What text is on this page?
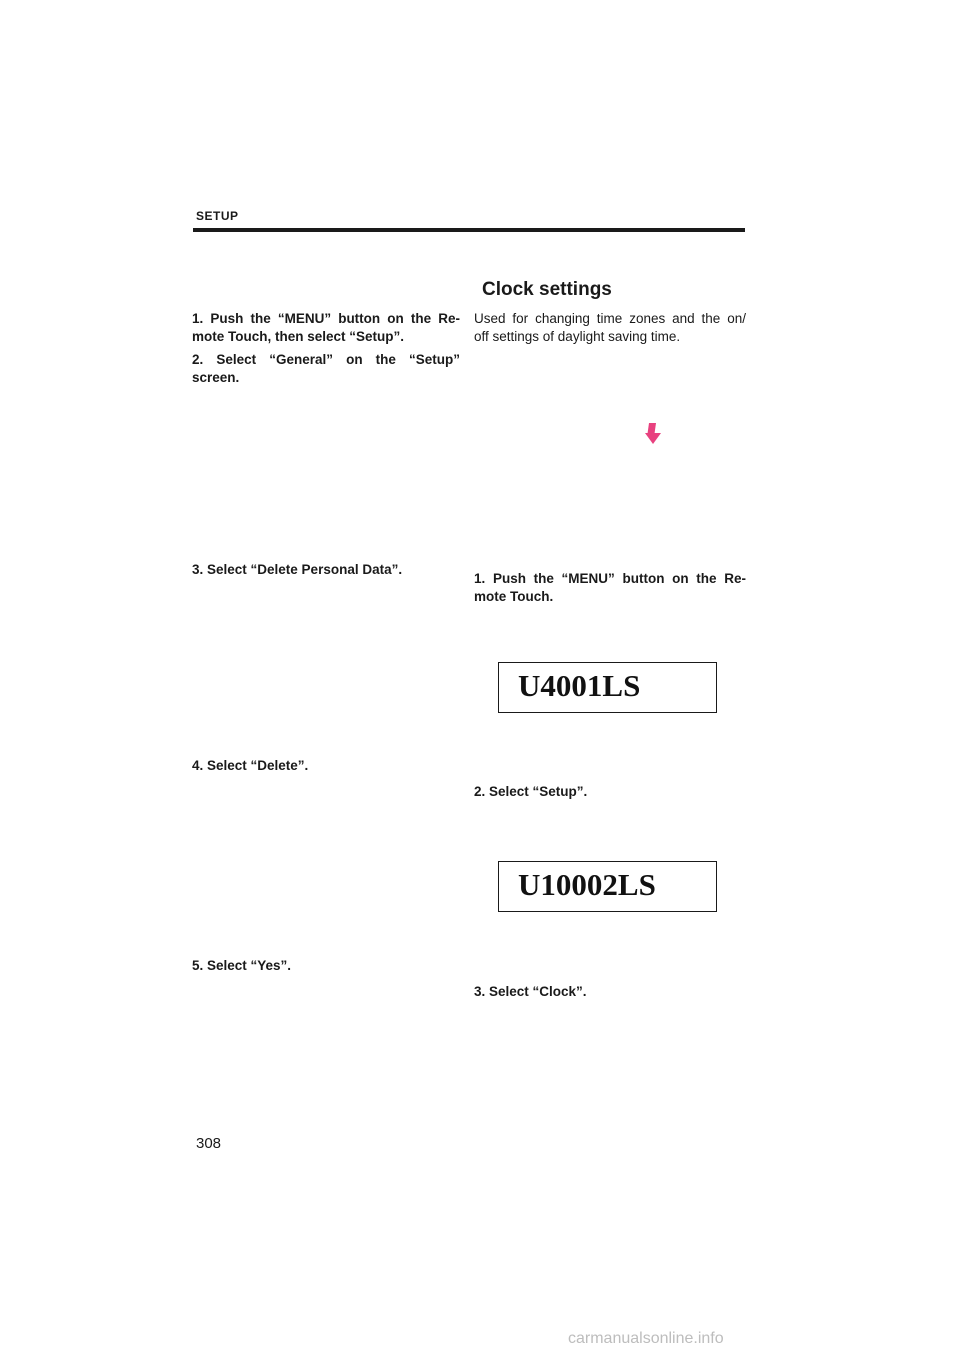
SETUP
1. Push the “MENU” button on the Re-
mote Touch, then select “Setup”.
2. Select “General” on the “Setup”
screen.
3. Select “Delete Personal Data”.
4. Select “Delete”.
5. Select “Yes”.
Clock settings
Used for changing time zones and the on/
off settings of daylight saving time.
1. Push the “MENU” button on the Re-
mote Touch.
U4001LS
2. Select “Setup”.
U10002LS
3. Select “Clock”.
308
carmanualsonline.info
